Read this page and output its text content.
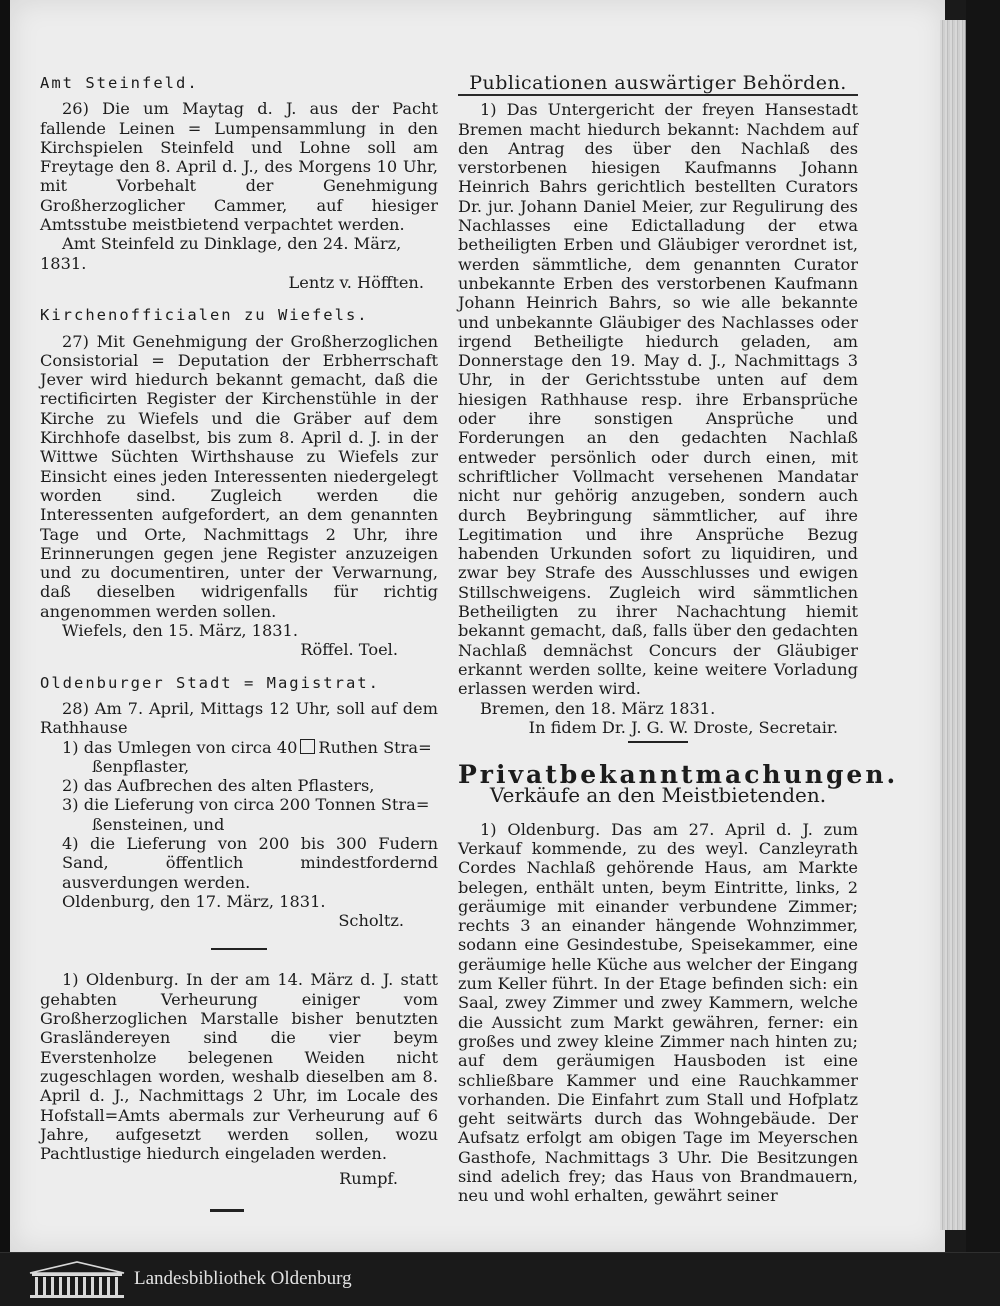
Amt Steinfeld.

26) Die um Maytag d. J. aus der Pacht fallende Leinen = Lumpensammlung in den Kirchspielen Steinfeld und Lohne soll am Freytage den 8. April d. J., des Morgens 10 Uhr, mit Vorbehalt der Genehmigung Großherzoglicher Cammer, auf hiesiger Amtsstube meistbietend verpachtet werden.

Amt Steinfeld zu Dinklage, den 24. März, 1831.

Lentz v. Höfften.

Kirchenofficialen zu Wiefels.

27) Mit Genehmigung der Großherzoglichen Consistorial = Deputation der Erbherrschaft Jever wird hiedurch bekannt gemacht, daß die rectificirten Register der Kirchenstühle in der Kirche zu Wiefels und die Gräber auf dem Kirchhofe daselbst, bis zum 8. April d. J. in der Wittwe Süchten Wirthshause zu Wiefels zur Einsicht eines jeden Interessenten niedergelegt worden sind. Zugleich werden die Interessenten aufgefordert, an dem genannten Tage und Orte, Nachmittags 2 Uhr, ihre Erinnerungen gegen jene Register anzuzeigen und zu documentiren, unter der Verwarnung, daß dieselben widrigenfalls für richtig angenommen werden sollen.

Wiefels, den 15. März, 1831.

Röffel. Toel.

Oldenburger Stadt = Magistrat.

28) Am 7. April, Mittags 12 Uhr, soll auf dem Rathhause

1) das Umlegen von circa 40 Ruthen Stra=
ßenpflaster,
2) das Aufbrechen des alten Pflasters,
3) die Lieferung von circa 200 Tonnen Stra=
ßensteinen, und
4) die Lieferung von 200 bis 300 Fudern Sand, öffentlich mindestfordernd ausverdungen werden.

Oldenburg, den 17. März, 1831.

Scholtz.

1) Oldenburg. In der am 14. März d. J. statt gehabten Verheurung einiger vom Großherzoglichen Marstalle bisher benutzten Grasländereyen sind die vier beym Everstenholze belegenen Weiden nicht zugeschlagen worden, weshalb dieselben am 8. April d. J., Nachmittags 2 Uhr, im Locale des Hofstall=Amts abermals zur Verheurung auf 6 Jahre, aufgesetzt werden sollen, wozu Pachtlustige hiedurch eingeladen werden.

Rumpf.

Publicationen auswärtiger Behörden.

1) Das Untergericht der freyen Hansestadt Bremen macht hiedurch bekannt: Nachdem auf den Antrag des über den Nachlaß des verstorbenen hiesigen Kaufmanns Johann Heinrich Bahrs gerichtlich bestellten Curators Dr. jur. Johann Daniel Meier, zur Regulirung des Nachlasses eine Edictalladung der etwa betheiligten Erben und Gläubiger verordnet ist, werden sämmtliche, dem genannten Curator unbekannte Erben des verstorbenen Kaufmann Johann Heinrich Bahrs, so wie alle bekannte und unbekannte Gläubiger des Nachlasses oder irgend Betheiligte hiedurch geladen, am Donnerstage den 19. May d. J., Nachmittags 3 Uhr, in der Gerichtsstube unten auf dem hiesigen Rathhause resp. ihre Erbansprüche oder ihre sonstigen Ansprüche und Forderungen an den gedachten Nachlaß entweder persönlich oder durch einen, mit schriftlicher Vollmacht versehenen Mandatar nicht nur gehörig anzugeben, sondern auch durch Beybringung sämmtlicher, auf ihre Legitimation und ihre Ansprüche Bezug habenden Urkunden sofort zu liquidiren, und zwar bey Strafe des Ausschlusses und ewigen Stillschweigens. Zugleich wird sämmtlichen Betheiligten zu ihrer Nachachtung hiemit bekannt gemacht, daß, falls über den gedachten Nachlaß demnächst Concurs der Gläubiger erkannt werden sollte, keine weitere Vorladung erlassen werden wird.

Bremen, den 18. März 1831.

In fidem Dr. J. G. W. Droste, Secretair.

Privatbekanntmachungen.
Verkäufe an den Meistbietenden.

1) Oldenburg. Das am 27. April d. J. zum Verkauf kommende, zu des weyl. Canzleyrath Cordes Nachlaß gehörende Haus, am Markte belegen, enthält unten, beym Eintritte, links, 2 geräumige mit einander verbundene Zimmer; rechts 3 an einander hängende Wohnzimmer, sodann eine Gesindestube, Speisekammer, eine geräumige helle Küche aus welcher der Eingang zum Keller führt. In der Etage befinden sich: ein Saal, zwey Zimmer und zwey Kammern, welche die Aussicht zum Markt gewähren, ferner: ein großes und zwey kleine Zimmer nach hinten zu; auf dem geräumigen Hausboden ist eine schließbare Kammer und eine Rauchkammer vorhanden. Die Einfahrt zum Stall und Hofplatz geht seitwärts durch das Wohngebäude. Der Aufsatz erfolgt am obigen Tage im Meyerschen Gasthofe, Nachmittags 3 Uhr. Die Besitzungen sind adelich frey; das Haus von Brandmauern, neu und wohl erhalten, gewährt seiner

Landesbibliothek Oldenburg
